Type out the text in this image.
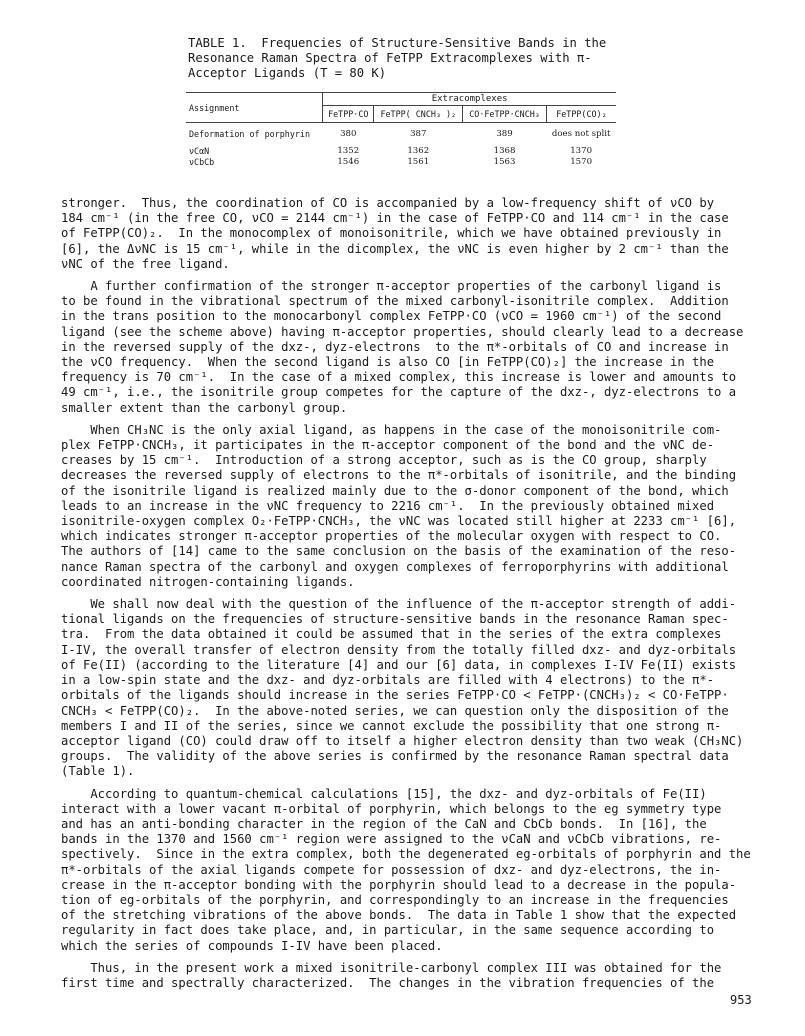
TABLE 1.  Frequencies of Structure-Sensitive Bands in the
Resonance Raman Spectra of FeTPP Extracomplexes with π-
Acceptor Ligands (T = 80 K)
Assignment	Extracomplexes			
	FeTPP·CO	FeTPP( CNCH₃ )₂	CO·FeTPP·CNCH₃	FeTPP(CO)₂
Deformation of porphyrin	380	387	389	does not split
νCαN	1352	1362	1368	1370
νCbCb	1546	1561	1563	1570
stronger.  Thus, the coordination of CO is accompanied by a low-frequency shift of νCO by
184 cm⁻¹ (in the free CO, νCO = 2144 cm⁻¹) in the case of FeTPP·CO and 114 cm⁻¹ in the case
of FeTPP(CO)₂.  In the monocomplex of monoisonitrile, which we have obtained previously in
[6], the ΔνNC is 15 cm⁻¹, while in the dicomplex, the νNC is even higher by 2 cm⁻¹ than the
νNC of the free ligand.
A further confirmation of the stronger π-acceptor properties of the carbonyl ligand is
to be found in the vibrational spectrum of the mixed carbonyl-isonitrile complex.  Addition
in the trans position to the monocarbonyl complex FeTPP·CO (νCO = 1960 cm⁻¹) of the second
ligand (see the scheme above) having π-acceptor properties, should clearly lead to a decrease
in the reversed supply of the dxz-, dyz-electrons  to the π*-orbitals of CO and increase in
the νCO frequency.  When the second ligand is also CO [in FeTPP(CO)₂] the increase in the
frequency is 70 cm⁻¹.  In the case of a mixed complex, this increase is lower and amounts to
49 cm⁻¹, i.e., the isonitrile group competes for the capture of the dxz-, dyz-electrons to a
smaller extent than the carbonyl group.
When CH₃NC is the only axial ligand, as happens in the case of the monoisonitrile com-
plex FeTPP·CNCH₃, it participates in the π-acceptor component of the bond and the νNC de-
creases by 15 cm⁻¹.  Introduction of a strong acceptor, such as is the CO group, sharply
decreases the reversed supply of electrons to the π*-orbitals of isonitrile, and the binding
of the isonitrile ligand is realized mainly due to the σ-donor component of the bond, which
leads to an increase in the νNC frequency to 2216 cm⁻¹.  In the previously obtained mixed
isonitrile-oxygen complex O₂·FeTPP·CNCH₃, the νNC was located still higher at 2233 cm⁻¹ [6],
which indicates stronger π-acceptor properties of the molecular oxygen with respect to CO.
The authors of [14] came to the same conclusion on the basis of the examination of the reso-
nance Raman spectra of the carbonyl and oxygen complexes of ferroporphyrins with additional
coordinated nitrogen-containing ligands.
We shall now deal with the question of the influence of the π-acceptor strength of addi-
tional ligands on the frequencies of structure-sensitive bands in the resonance Raman spec-
tra.  From the data obtained it could be assumed that in the series of the extra complexes
I-IV, the overall transfer of electron density from the totally filled dxz- and dyz-orbitals
of Fe(II) (according to the literature [4] and our [6] data, in complexes I-IV Fe(II) exists
in a low-spin state and the dxz- and dyz-orbitals are filled with 4 electrons) to the π*-
orbitals of the ligands should increase in the series FeTPP·CO < FeTPP·(CNCH₃)₂ < CO·FeTPP·
CNCH₃ < FeTPP(CO)₂.  In the above-noted series, we can question only the disposition of the
members I and II of the series, since we cannot exclude the possibility that one strong π-
acceptor ligand (CO) could draw off to itself a higher electron density than two weak (CH₃NC)
groups.  The validity of the above series is confirmed by the resonance Raman spectral data
(Table 1).
According to quantum-chemical calculations [15], the dxz- and dyz-orbitals of Fe(II)
interact with a lower vacant π-orbital of porphyrin, which belongs to the eg symmetry type
and has an anti-bonding character in the region of the CaN and CbCb bonds.  In [16], the
bands in the 1370 and 1560 cm⁻¹ region were assigned to the νCaN and νCbCb vibrations, re-
spectively.  Since in the extra complex, both the degenerated eg-orbitals of porphyrin and the
π*-orbitals of the axial ligands compete for possession of dxz- and dyz-electrons, the in-
crease in the π-acceptor bonding with the porphyrin should lead to a decrease in the popula-
tion of eg-orbitals of the porphyrin, and correspondingly to an increase in the frequencies
of the stretching vibrations of the above bonds.  The data in Table 1 show that the expected
regularity in fact does take place, and, in particular, in the same sequence according to
which the series of compounds I-IV have been placed.
Thus, in the present work a mixed isonitrile-carbonyl complex III was obtained for the
first time and spectrally characterized.  The changes in the vibration frequencies of the
953
